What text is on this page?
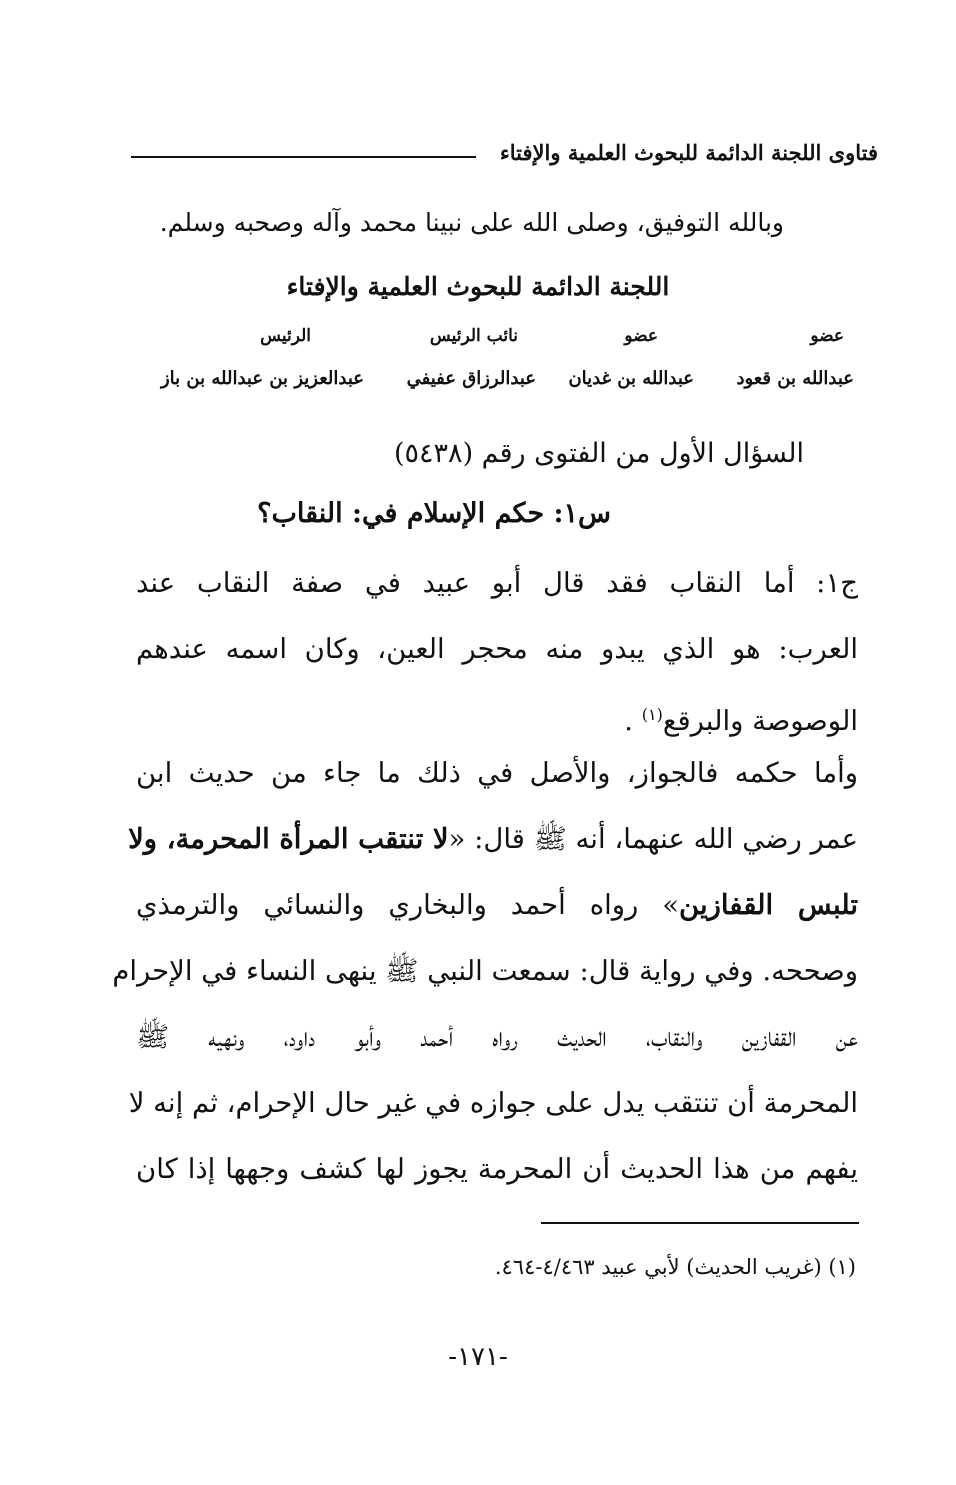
فتاوى اللجنة الدائمة للبحوث العلمية والإفتاء
وبالله التوفيق، وصلى الله على نبينا محمد وآله وصحبه وسلم.
اللجنة الدائمة للبحوث العلمية والإفتاء
عضو
عضو
نائب الرئيس
الرئيس
عبدالله بن قعود
عبدالله بن غديان
عبدالرزاق عفيفي
عبدالعزيز بن عبدالله بن باز
السؤال الأول من الفتوى رقم (٥٤٣٨)
س١: حكم الإسلام في: النقاب؟
ج١: أما النقاب فقد قال أبو عبيد في صفة النقاب عند
العرب: هو الذي يبدو منه محجر العين، وكان اسمه عندهم
الوصوصة والبرقع$^{(١)}$ .
وأما حكمه فالجواز، والأصل في ذلك ما جاء من حديث ابن
عمر رضي الله عنهما، أنه ﷺ قال: «لا تنتقب المرأة المحرمة، ولا
تلبس القفازين» رواه أحمد والبخاري والنسائي والترمذي
وصححه. وفي رواية قال: سمعت النبي ﷺ ينهى النساء في الإحرام
عن القفازين والنقاب، الحديث رواه أحمد وأبو داود، ونهيه ﷺ
المحرمة أن تنتقب يدل على جوازه في غير حال الإحرام، ثم إنه لا
يفهم من هذا الحديث أن المحرمة يجوز لها كشف وجهها إذا كان
(١) (غريب الحديث) لأبي عبيد ٤/٤٦٣-٤٦٤.
-١٧١-
